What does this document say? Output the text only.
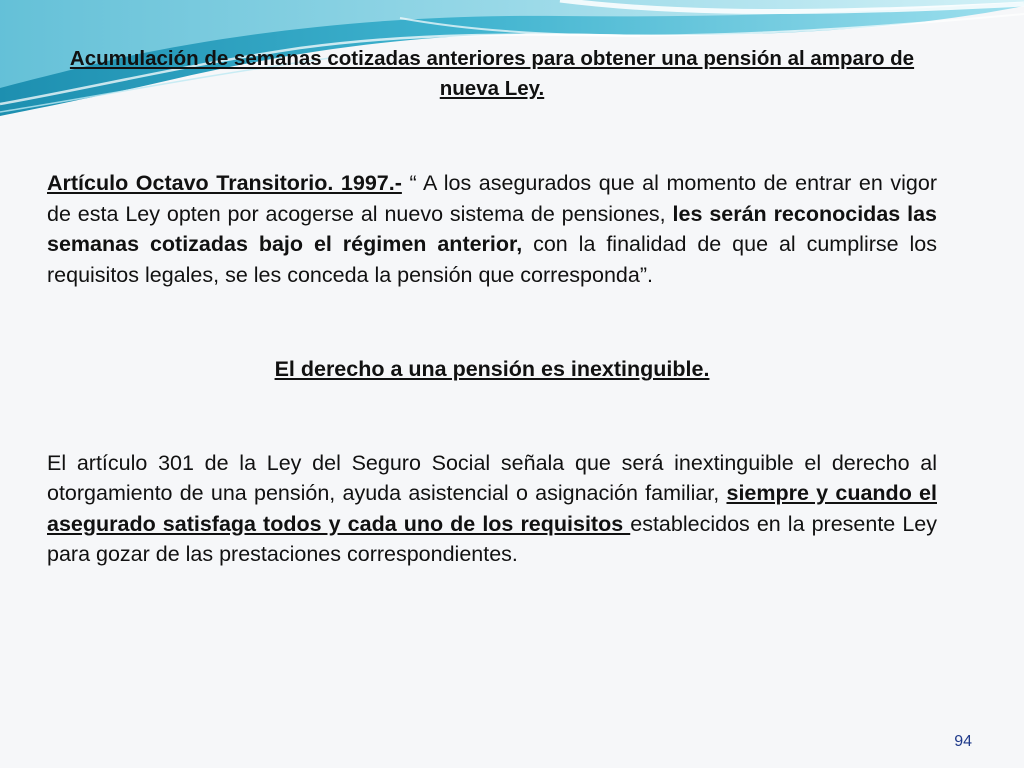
Acumulación de semanas cotizadas anteriores para obtener una pensión al amparo de nueva Ley.

Artículo Octavo Transitorio. 1997.- “ A los asegurados que al momento de entrar en vigor de esta Ley opten por acogerse al nuevo sistema de pensiones, les serán reconocidas las semanas cotizadas bajo el régimen anterior, con la finalidad de que al cumplirse los requisitos legales, se les conceda la pensión que corresponda”.

El derecho a una pensión es inextinguible.

El artículo 301 de la Ley del Seguro Social señala que será inextinguible el derecho al otorgamiento de una pensión, ayuda asistencial o asignación familiar, siempre y cuando el asegurado satisfaga todos y cada uno de los requisitos establecidos en la presente Ley para gozar de las prestaciones correspondientes.

94
